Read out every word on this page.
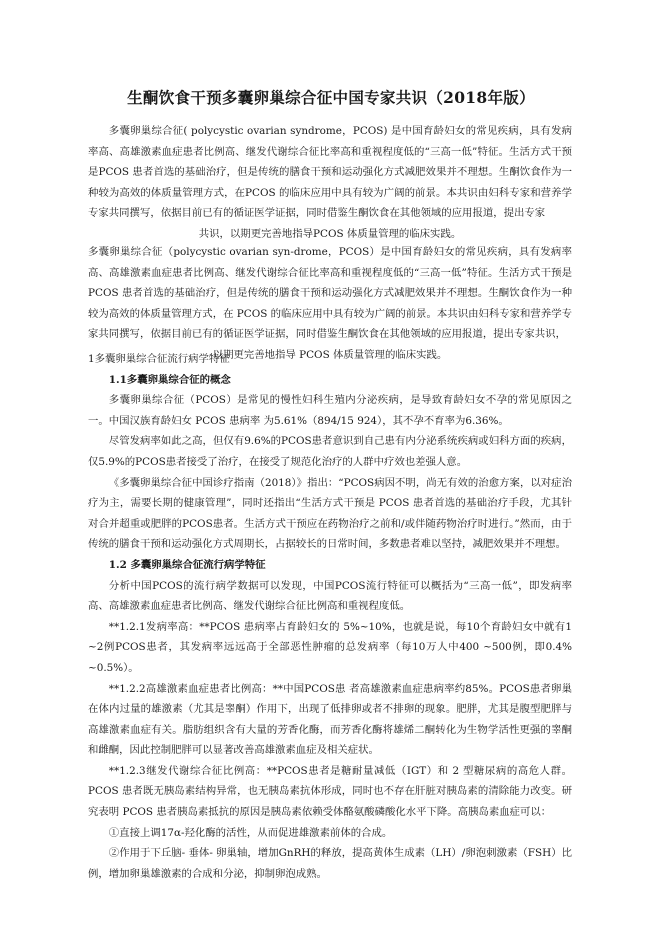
生酮饮食干预多囊卵巢综合征中国专家共识（2018年版）

多囊卵巢综合征( polycystic ovarian syndrome，PCOS) 是中国育龄妇女的常见疾病，具有发病率高、高雄激素血症患者比例高、继发代谢综合征比率高和重视程度低的“三高一低”特征。生活方式干预是PCOS 患者首选的基础治疗，但是传统的膳食干预和运动强化方式减肥效果并不理想。生酮饮食作为一种较为高效的体质量管理方式，在PCOS 的临床应用中具有较为广阔的前景。本共识由妇科专家和营养学专家共同撰写，依据目前已有的循证医学证据，同时借鉴生酮饮食在其他领域的应用报道，提出专家

共识，以期更完善地指导PCOS 体质量管理的临床实践。

多囊卵巢综合征（polycystic ovarian syn-drome，PCOS）是中国育龄妇女的常见疾病，具有发病率高、高雄激素血症患者比例高、继发代谢综合征比率高和重视程度低的“三高一低”特征。生活方式干预是 PCOS 患者首选的基础治疗，但是传统的膳食干预和运动强化方式减肥效果并不理想。生酮饮食作为一种较为高效的体质量管理方式，在 PCOS 的临床应用中具有较为广阔的前景。本共识由妇科专家和营养学专家共同撰写，依据目前已有的循证医学证据，同时借鉴生酮饮食在其他领域的应用报道，提出专家共识，

以期更完善地指导 PCOS 体质量管理的临床实践。

1多囊卵巢综合征流行病学特征

1.1多囊卵巢综合征的概念

多囊卵巢综合征（PCOS）是常见的慢性妇科生殖内分泌疾病，是导致育龄妇女不孕的常见原因之一。中国汉族育龄妇女 PCOS 患病率 为5.61%（894/15 924），其不孕不育率为6.36%。

尽管发病率如此之高，但仅有9.6%的PCOS患者意识到自己患有内分泌系统疾病或妇科方面的疾病，仅5.9%的PCOS患者接受了治疗，在接受了规范化治疗的人群中疗效也差强人意。

《多囊卵巢综合征中国诊疗指南（2018）》指出：“PCOS病因不明，尚无有效的治愈方案，以对症治疗为主，需要长期的健康管理”，同时还指出“生活方式干预是 PCOS 患者首选的基础治疗手段，尤其针对合并超重或肥胖的PCOS患者。生活方式干预应在药物治疗之前和/或伴随药物治疗时进行。”然而，由于传统的膳食干预和运动强化方式周期长，占据较长的日常时间，多数患者难以坚持，减肥效果并不理想。

1.2 多囊卵巢综合征流行病学特征

分析中国PCOS的流行病学数据可以发现，中国PCOS流行特征可以概括为“三高一低”，即发病率高、高雄激素血症患者比例高、继发代谢综合征比例高和重视程度低。

**1.2.1发病率高：**PCOS 患病率占育龄妇女的 5%~10%，也就是说，每10个育龄妇女中就有1 ~2例PCOS患者，其发病率远远高于全部恶性肿瘤的总发病率（每10万人中400 ~500例，即0.4% ~0.5%）。

**1.2.2高雄激素血症患者比例高：**中国PCOS患 者高雄激素血症患病率约85%。PCOS患者卵巢在体内过量的雄激素（尤其是睾酮）作用下，出现了低排卵或者不排卵的现象。肥胖，尤其是腹型肥胖与高雄激素血症有关。脂肪组织含有大量的芳香化酶，而芳香化酶将雄烯二酮转化为生物学活性更强的睾酮和雌酮，因此控制肥胖可以显著改善高雄激素血症及相关症状。

**1.2.3继发代谢综合征比例高：**PCOS患者是糖耐量减低（IGT）和 2 型糖尿病的高危人群。PCOS 患者既无胰岛素结构异常，也无胰岛素抗体形成，同时也不存在肝脏对胰岛素的清除能力改变。研究表明 PCOS 患者胰岛素抵抗的原因是胰岛素依赖受体酪氨酸磷酸化水平下降。高胰岛素血症可以：

①直接上调17α-羟化酶的活性，从而促进雄激素前体的合成。

②作用于下丘脑- 垂体- 卵巢轴，增加GnRH的释放，提高黄体生成素（LH）/卵泡刺激素（FSH）比例，增加卵巢雄激素的合成和分泌，抑制卵泡成熟。
